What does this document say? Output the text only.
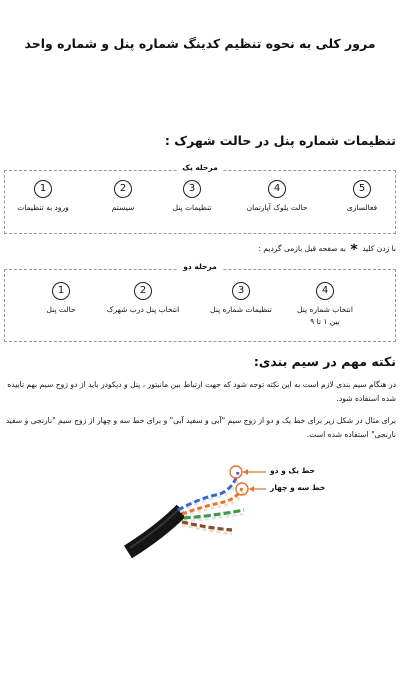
مرور کلی به نحوه تنظیم کدینگ شماره پنل و شماره واحد
تنظیمات شماره پنل در حالت شهرک :
مرحله یک
5
فعالسازی
4
حالت بلوک آپارتمان
3
تنظیمات پنل
2
سیستم
1
ورود به تنظیمات
با زدن کلید * به صفحه قبل بازمی گردیم :
مرحله دو
4
انتخاب شماره پنل
بین ۱ تا ۹
3
تنظیمات شماره پنل
2
انتخاب پنل درب شهرک
1
حالت پنل
نکته مهم در سیم بندی:
در هنگام سیم بندی لازم است به این نکته توجه شود که جهت ارتباط بین مانیتور ، پنل و دیکودر باید از دو زوج سیم بهم تابیده شده استفاده شود.
برای مثال در شکل زیر برای خط یک و دو از زوج سیم "آبی و سفید آبی" و برای خط سه و چهار از زوج سیم "نارنجی و سفید نارنجی" استفاده شده است.
خط یک و دو
خط سه و چهار
